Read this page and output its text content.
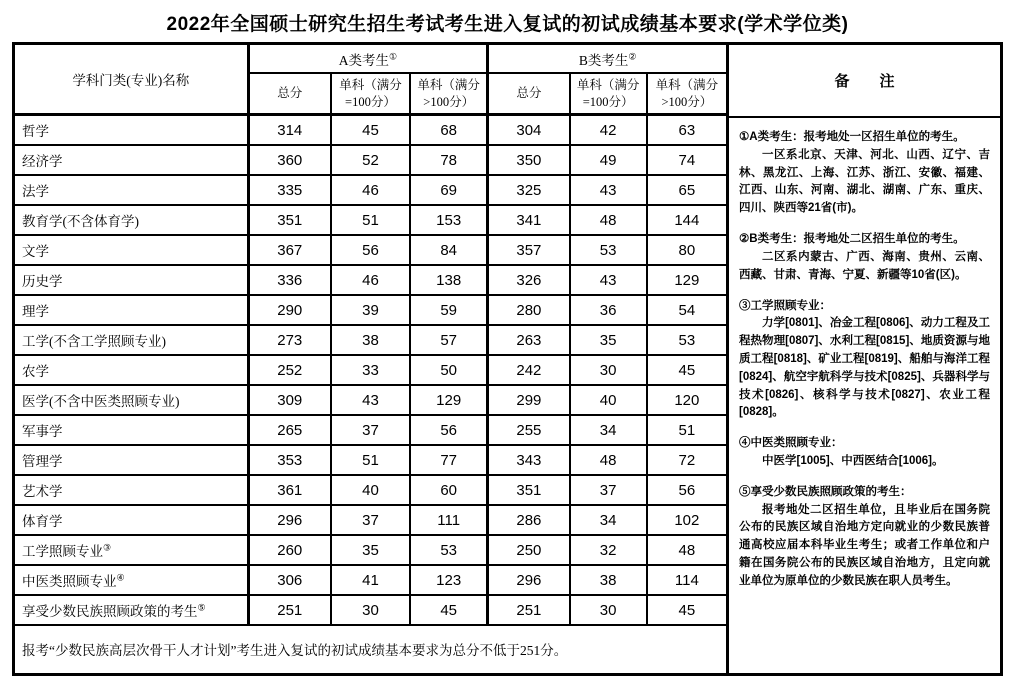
2022年全国硕士研究生招生考试考生进入复试的初试成绩基本要求(学术学位类)
学科门类(专业)名称	A类考生①			B类考生②
	总分	单科（满分=100分）	单科（满分>100分）	总分	单科（满分=100分）	单科（满分>100分）
哲学	314	45	68	304	42	63
经济学	360	52	78	350	49	74
法学	335	46	69	325	43	65
教育学(不含体育学)	351	51	153	341	48	144
文学	367	56	84	357	53	80
历史学	336	46	138	326	43	129
理学	290	39	59	280	36	54
工学(不含工学照顾专业)	273	38	57	263	35	53
农学	252	33	50	242	30	45
医学(不含中医类照顾专业)	309	43	129	299	40	120
军事学	265	37	56	255	34	51
管理学	353	51	77	343	48	72
艺术学	361	40	60	351	37	56
体育学	296	37	111	286	34	102
工学照顾专业③	260	35	53	250	32	48
中医类照顾专业④	306	41	123	296	38	114
享受少数民族照顾政策的考生⑤	251	30	45	251	30	45
报考“少数民族高层次骨干人才计划”考生进入复试的初试成绩基本要求为总分不低于251分。						
备　　注

①A类考生：报考地处一区招生单位的考生。

一区系北京、天津、河北、山西、辽宁、吉林、黑龙江、上海、江苏、浙江、安徽、福建、江西、山东、河南、湖北、湖南、广东、重庆、四川、陕西等21省(市)。

②B类考生：报考地处二区招生单位的考生。

二区系内蒙古、广西、海南、贵州、云南、西藏、甘肃、青海、宁夏、新疆等10省(区)。

③工学照顾专业：

力学[0801]、冶金工程[0806]、动力工程及工程热物理[0807]、水利工程[0815]、地质资源与地质工程[0818]、矿业工程[0819]、船舶与海洋工程[0824]、航空宇航科学与技术[0825]、兵器科学与技术[0826]、核科学与技术[0827]、农业工程[0828]。

④中医类照顾专业：

中医学[1005]、中西医结合[1006]。

⑤享受少数民族照顾政策的考生：

报考地处二区招生单位，且毕业后在国务院公布的民族区域自治地方定向就业的少数民族普通高校应届本科毕业生考生；或者工作单位和户籍在国务院公布的民族区域自治地方，且定向就业单位为原单位的少数民族在职人员考生。
